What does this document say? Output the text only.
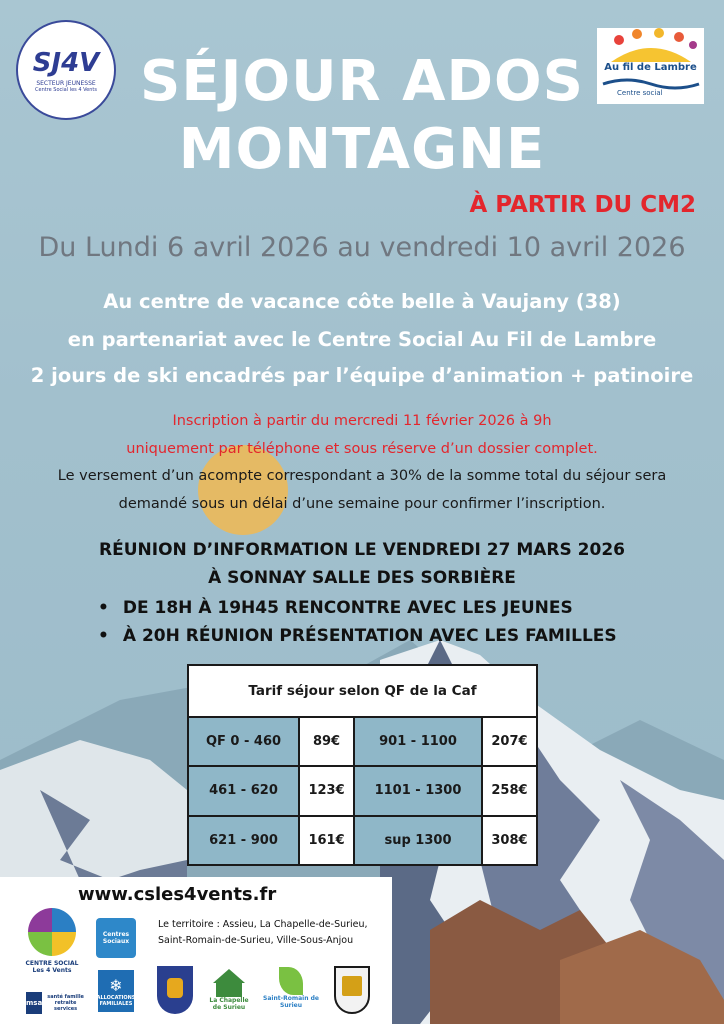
SJ4V
SECTEUR JEUNESSE
Centre Social les 4 Vents
Au fil de Lambre
Centre social
SÉJOUR ADOS
MONTAGNE
À PARTIR DU CM2
Du Lundi 6 avril 2026 au vendredi 10 avril 2026
Au centre de vacance côte belle à Vaujany (38)
en partenariat avec le Centre Social Au Fil de Lambre
2 jours de ski encadrés par l’équipe d’animation + patinoire
Inscription à partir du mercredi 11 février 2026 à 9h
uniquement par téléphone et sous réserve d’un dossier complet.
Le versement d’un acompte correspondant a 30% de la somme total du séjour sera
demandé sous un délai d’une semaine pour confirmer l’inscription.
RÉUNION D’INFORMATION LE VENDREDI 27 MARS 2026
À SONNAY SALLE DES SORBIÈRE
• DE 18H À 19H45 RENCONTRE AVEC LES JEUNES
• À 20H RÉUNION PRÉSENTATION AVEC LES FAMILLES
Tarif séjour selon QF de la Caf			
QF 0 - 460	89€	901 - 1100	207€
461 - 620	123€	1101 - 1300	258€
621 - 900	161€	sup 1300	308€
www.csles4vents.fr
Le territoire : Assieu, La Chapelle-de-Surieu,
Saint-Romain-de-Surieu, Ville-Sous-Anjou
CENTRE SOCIAL Les 4 Vents
Centres Sociaux
❄
ALLOCATIONS FAMILIALES
msa
santé famille retraite services
La Chapelle de Surieu
Saint-Romain de Surieu
